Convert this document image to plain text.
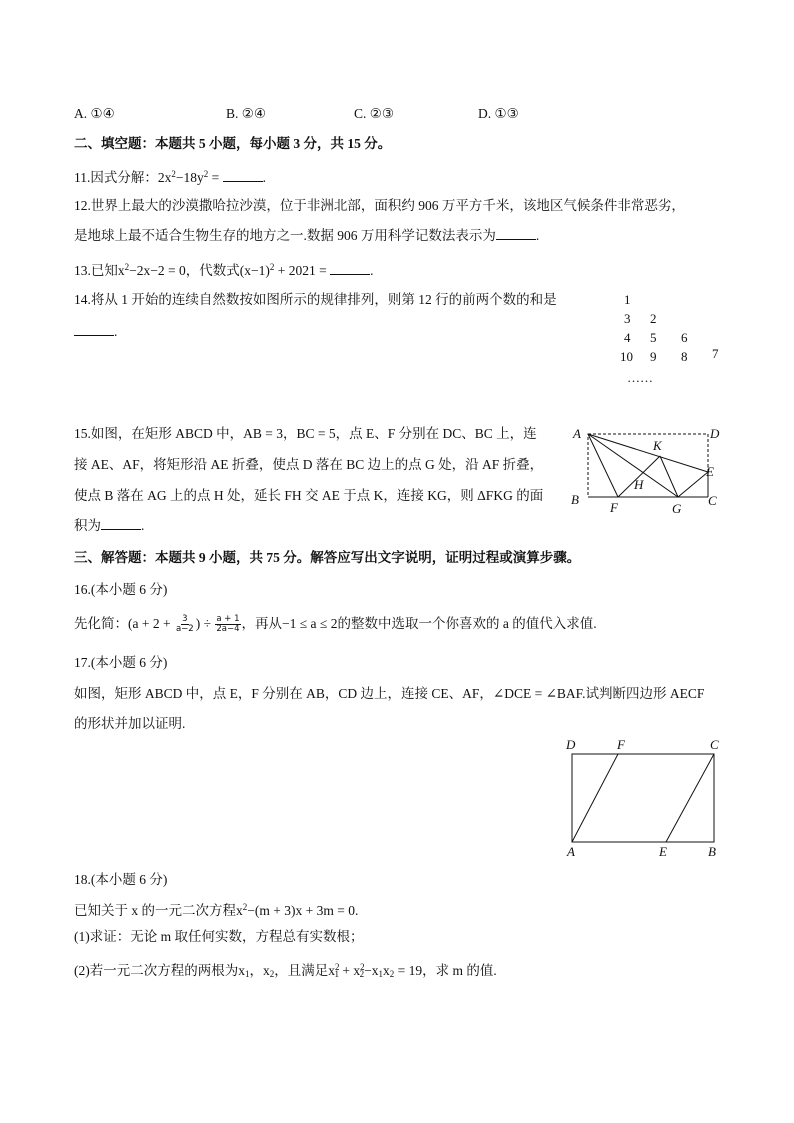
A. ①④	B. ②④	C. ②③	D. ①③
二、填空题：本题共 5 小题，每小题 3 分，共 15 分。
11.因式分解：$2x^2-18y^2$ =	.
12.世界上最大的沙漠撒哈拉沙漠，位于非洲北部，面积约 906 万平方千米，该地区气候条件非常恶劣，
是地球上最不适合生物生存的地方之一.数据 906 万用科学记数法表示为	.
13.已知$x^2-2x-2 = 0$，代数式$(x-1)^2 + 2021$ =	.
14.将从 1 开始的连续自然数按如图所示的规律排列，则第 12 行的前两个数的和是
.
1
3 2
4 5 6
10 9 8 7
……
15.如图，在矩形 ABCD 中，AB = 3，BC = 5，点 E、F 分别在 DC、BC 上，连
接 AE、AF，将矩形沿 AE 折叠，使点 D 落在 BC 边上的点 G 处，沿 AF 折叠，
使点 B 落在 AG 上的点 H 处，延长 FH 交 AE 于点 K，连接 KG，则 ΔFKG 的面
积为	.
A	D
E
C
B
F	G
H
K
三、解答题：本题共 9 小题，共 75 分。解答应写出文字说明，证明过程或演算步骤。
16.(本小题 6 分)
先化简：($a + 2 + \frac{3}{a-2}$ ) ÷ $\frac{a + 1}{2a-4}$ ，再从−1 ≤ a ≤ 2的整数中选取一个你喜欢的 a 的值代入求值.
17.(本小题 6 分)
如图，矩形 ABCD 中，点 E，F 分别在 AB，CD 边上，连接 CE、AF，∠DCE = ∠BAF.试判断四边形 AECF
的形状并加以证明.
D	F	C
A	E	B
18.(本小题 6 分)
已知关于 x 的一元二次方程$x^2-(m + 3)x + 3m = 0$.
(1)求证：无论 m 取任何实数，方程总有实数根；
(2)若一元二次方程的两根为$x_1$，$x_2$，且满足$x^2_1 + x^2_2-x_1x_2 = 19$，求 m 的值.
